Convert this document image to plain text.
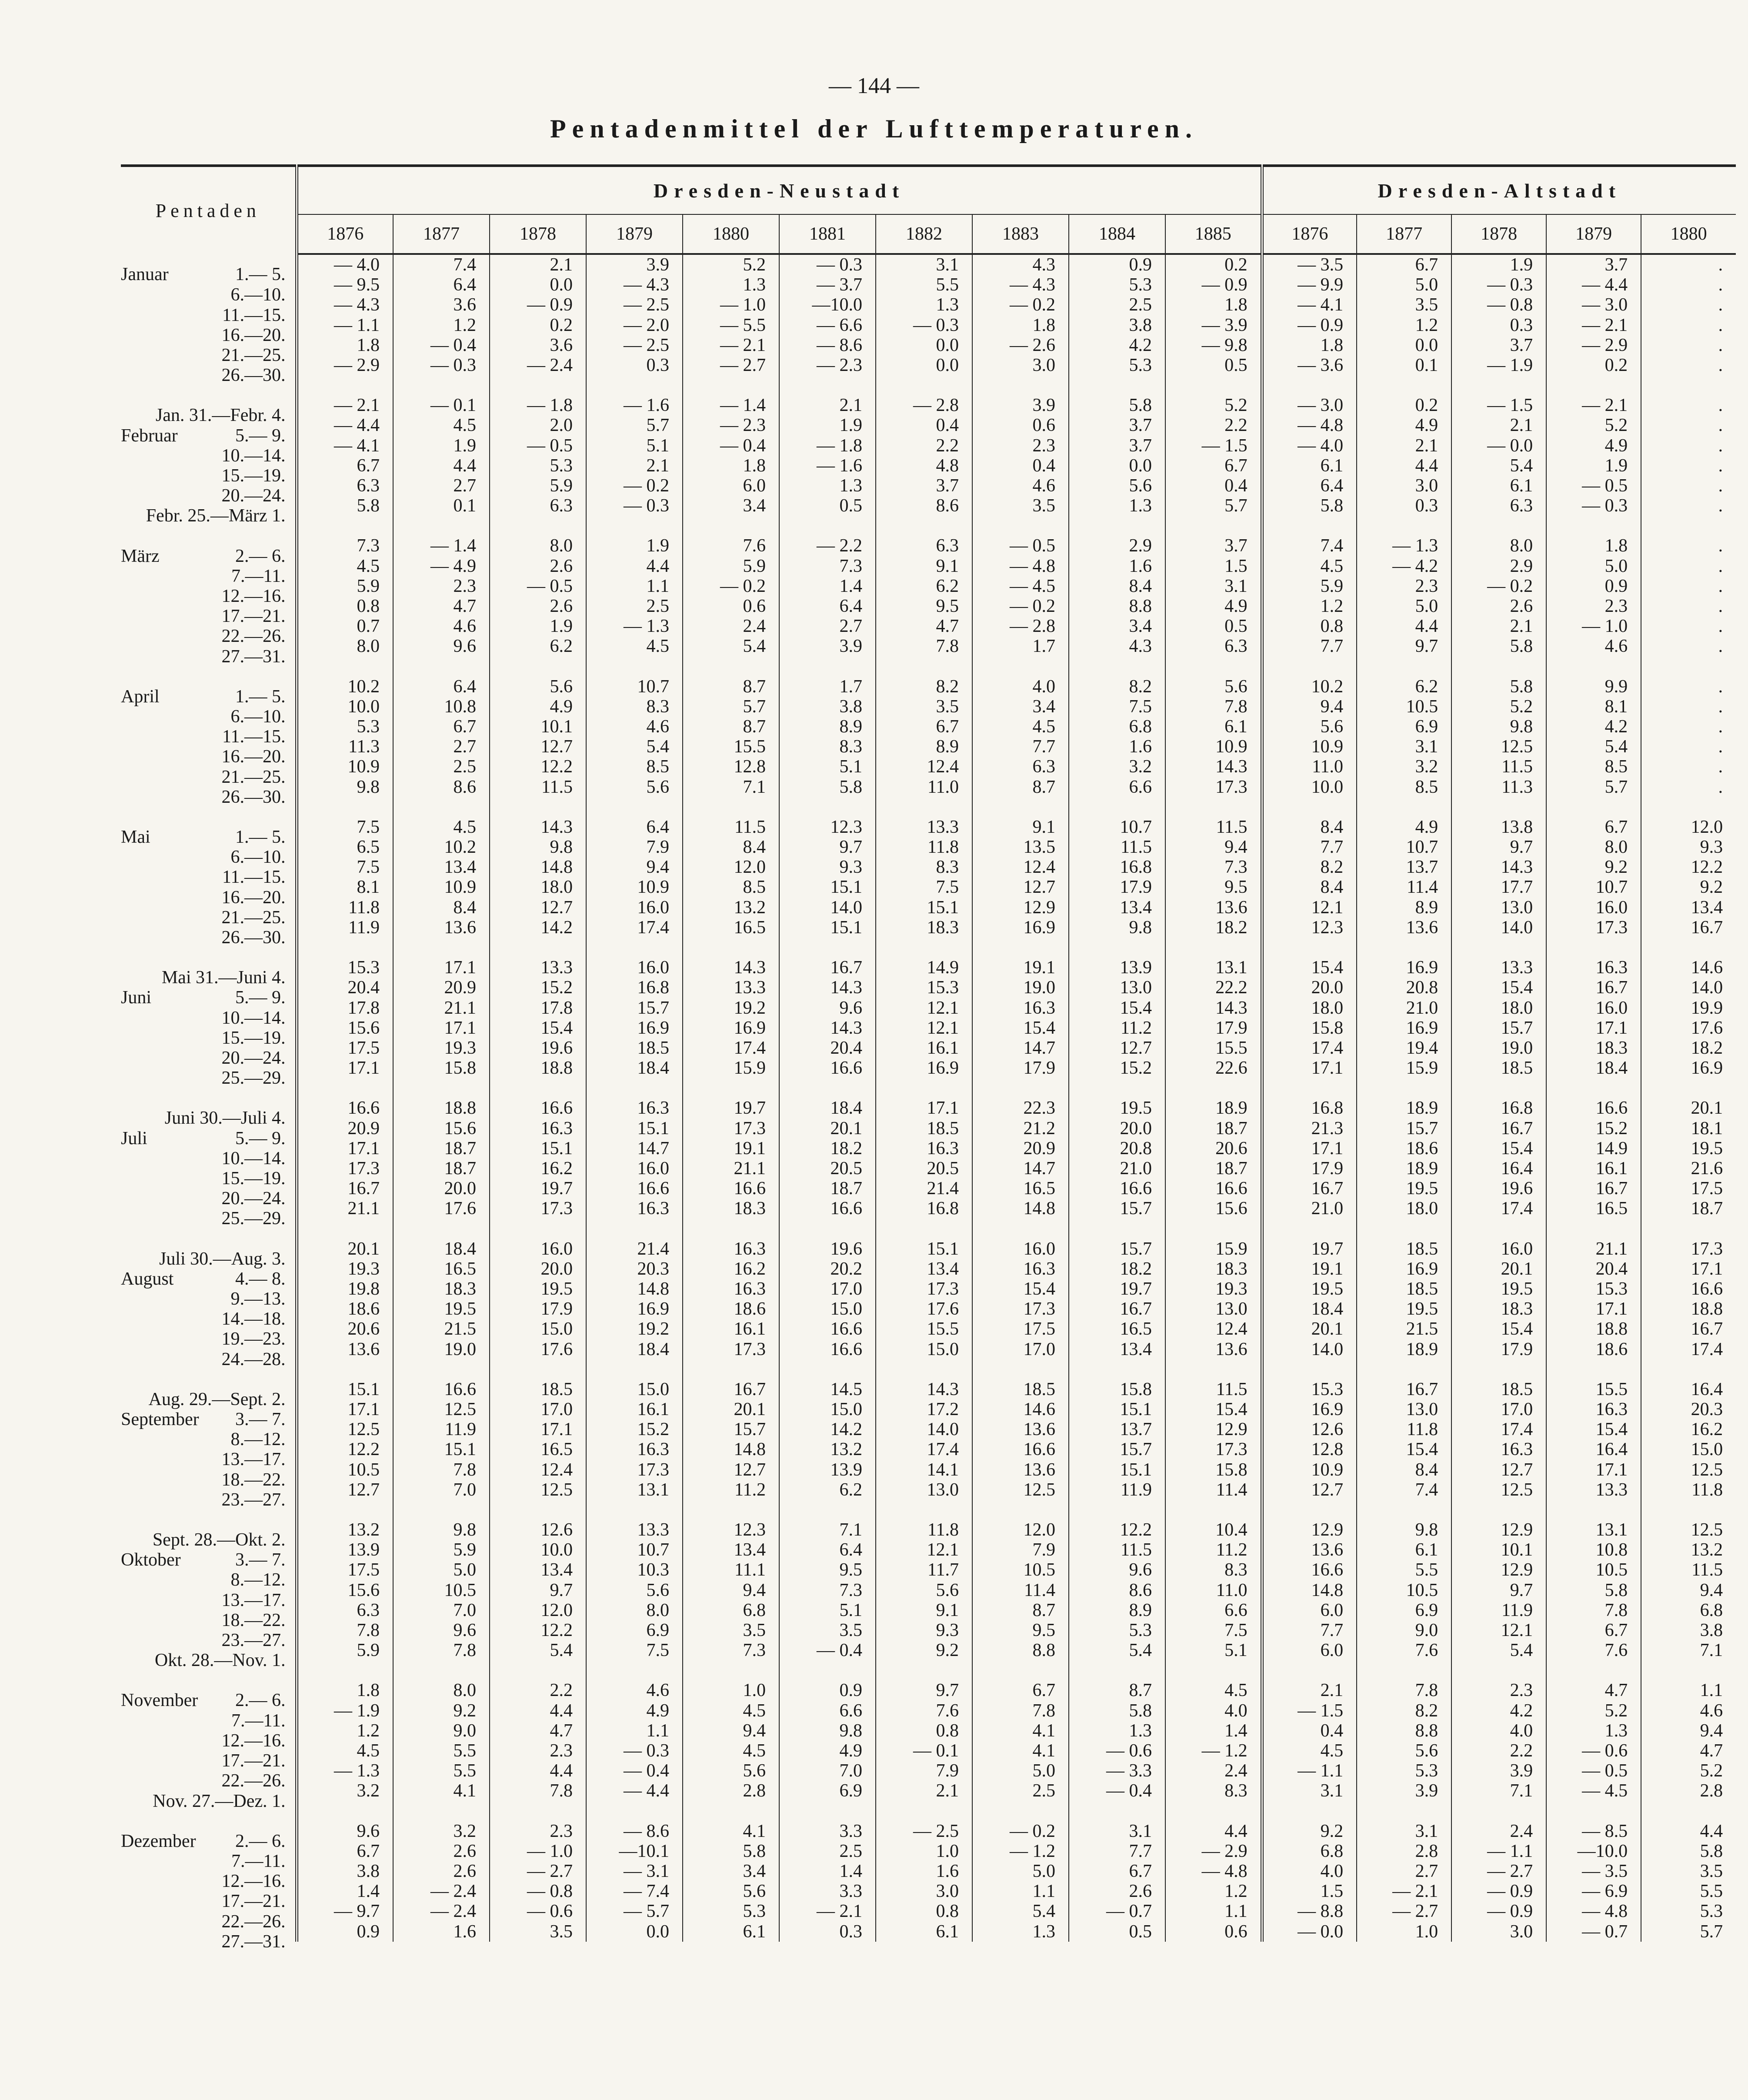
— 144 —
Pentadenmittel der Lufttemperaturen.
Pentaden	Dresden-Neustadt										Dresden-Altstadt				
	1876	1877	1878	1879	1880	1881	1882	1883	1884	1885	1876	1877	1878	1879	1880

Januar 1.— 5.	— 4.0	7.4	2.1	3.9	5.2	— 0.3	3.1	4.3	0.9	0.2	— 3.5	6.7	1.9	3.7	.

6.—10.	— 9.5	6.4	0.0	— 4.3	1.3	— 3.7	5.5	— 4.3	5.3	— 0.9	— 9.9	5.0	— 0.3	— 4.4	.

11.—15.	— 4.3	3.6	— 0.9	— 2.5	— 1.0	—10.0	1.3	— 0.2	2.5	1.8	— 4.1	3.5	— 0.8	— 3.0	.

16.—20.	— 1.1	1.2	0.2	— 2.0	— 5.5	— 6.6	— 0.3	1.8	3.8	— 3.9	— 0.9	1.2	0.3	— 2.1	.

21.—25.	1.8	— 0.4	3.6	— 2.5	— 2.1	— 8.6	0.0	— 2.6	4.2	— 9.8	1.8	0.0	3.7	— 2.9	.

26.—30.	— 2.9	— 0.3	— 2.4	0.3	— 2.7	— 2.3	0.0	3.0	5.3	0.5	— 3.6	0.1	— 1.9	0.2	.

Jan. 31.—Febr. 4.	— 2.1	— 0.1	— 1.8	— 1.6	— 1.4	2.1	— 2.8	3.9	5.8	5.2	— 3.0	0.2	— 1.5	— 2.1	.

Februar 5.— 9.	— 4.4	4.5	2.0	5.7	— 2.3	1.9	0.4	0.6	3.7	2.2	— 4.8	4.9	2.1	5.2	.

10.—14.	— 4.1	1.9	— 0.5	5.1	— 0.4	— 1.8	2.2	2.3	3.7	— 1.5	— 4.0	2.1	— 0.0	4.9	.

15.—19.	6.7	4.4	5.3	2.1	1.8	— 1.6	4.8	0.4	0.0	6.7	6.1	4.4	5.4	1.9	.

20.—24.	6.3	2.7	5.9	— 0.2	6.0	1.3	3.7	4.6	5.6	0.4	6.4	3.0	6.1	— 0.5	.

Febr. 25.—März 1.	5.8	0.1	6.3	— 0.3	3.4	0.5	8.6	3.5	1.3	5.7	5.8	0.3	6.3	— 0.3	.

März 2.— 6.	7.3	— 1.4	8.0	1.9	7.6	— 2.2	6.3	— 0.5	2.9	3.7	7.4	— 1.3	8.0	1.8	.

7.—11.	4.5	— 4.9	2.6	4.4	5.9	7.3	9.1	— 4.8	1.6	1.5	4.5	— 4.2	2.9	5.0	.

12.—16.	5.9	2.3	— 0.5	1.1	— 0.2	1.4	6.2	— 4.5	8.4	3.1	5.9	2.3	— 0.2	0.9	.

17.—21.	0.8	4.7	2.6	2.5	0.6	6.4	9.5	— 0.2	8.8	4.9	1.2	5.0	2.6	2.3	.

22.—26.	0.7	4.6	1.9	— 1.3	2.4	2.7	4.7	— 2.8	3.4	0.5	0.8	4.4	2.1	— 1.0	.

27.—31.	8.0	9.6	6.2	4.5	5.4	3.9	7.8	1.7	4.3	6.3	7.7	9.7	5.8	4.6	.

April 1.— 5.	10.2	6.4	5.6	10.7	8.7	1.7	8.2	4.0	8.2	5.6	10.2	6.2	5.8	9.9	.

6.—10.	10.0	10.8	4.9	8.3	5.7	3.8	3.5	3.4	7.5	7.8	9.4	10.5	5.2	8.1	.

11.—15.	5.3	6.7	10.1	4.6	8.7	8.9	6.7	4.5	6.8	6.1	5.6	6.9	9.8	4.2	.

16.—20.	11.3	2.7	12.7	5.4	15.5	8.3	8.9	7.7	1.6	10.9	10.9	3.1	12.5	5.4	.

21.—25.	10.9	2.5	12.2	8.5	12.8	5.1	12.4	6.3	3.2	14.3	11.0	3.2	11.5	8.5	.

26.—30.	9.8	8.6	11.5	5.6	7.1	5.8	11.0	8.7	6.6	17.3	10.0	8.5	11.3	5.7	.

Mai 1.— 5.	7.5	4.5	14.3	6.4	11.5	12.3	13.3	9.1	10.7	11.5	8.4	4.9	13.8	6.7	12.0

6.—10.	6.5	10.2	9.8	7.9	8.4	9.7	11.8	13.5	11.5	9.4	7.7	10.7	9.7	8.0	9.3

11.—15.	7.5	13.4	14.8	9.4	12.0	9.3	8.3	12.4	16.8	7.3	8.2	13.7	14.3	9.2	12.2

16.—20.	8.1	10.9	18.0	10.9	8.5	15.1	7.5	12.7	17.9	9.5	8.4	11.4	17.7	10.7	9.2

21.—25.	11.8	8.4	12.7	16.0	13.2	14.0	15.1	12.9	13.4	13.6	12.1	8.9	13.0	16.0	13.4

26.—30.	11.9	13.6	14.2	17.4	16.5	15.1	18.3	16.9	9.8	18.2	12.3	13.6	14.0	17.3	16.7

Mai 31.—Juni 4.	15.3	17.1	13.3	16.0	14.3	16.7	14.9	19.1	13.9	13.1	15.4	16.9	13.3	16.3	14.6

Juni 5.— 9.	20.4	20.9	15.2	16.8	13.3	14.3	15.3	19.0	13.0	22.2	20.0	20.8	15.4	16.7	14.0

10.—14.	17.8	21.1	17.8	15.7	19.2	9.6	12.1	16.3	15.4	14.3	18.0	21.0	18.0	16.0	19.9

15.—19.	15.6	17.1	15.4	16.9	16.9	14.3	12.1	15.4	11.2	17.9	15.8	16.9	15.7	17.1	17.6

20.—24.	17.5	19.3	19.6	18.5	17.4	20.4	16.1	14.7	12.7	15.5	17.4	19.4	19.0	18.3	18.2

25.—29.	17.1	15.8	18.8	18.4	15.9	16.6	16.9	17.9	15.2	22.6	17.1	15.9	18.5	18.4	16.9

Juni 30.—Juli 4.	16.6	18.8	16.6	16.3	19.7	18.4	17.1	22.3	19.5	18.9	16.8	18.9	16.8	16.6	20.1

Juli 5.— 9.	20.9	15.6	16.3	15.1	17.3	20.1	18.5	21.2	20.0	18.7	21.3	15.7	16.7	15.2	18.1

10.—14.	17.1	18.7	15.1	14.7	19.1	18.2	16.3	20.9	20.8	20.6	17.1	18.6	15.4	14.9	19.5

15.—19.	17.3	18.7	16.2	16.0	21.1	20.5	20.5	14.7	21.0	18.7	17.9	18.9	16.4	16.1	21.6

20.—24.	16.7	20.0	19.7	16.6	16.6	18.7	21.4	16.5	16.6	16.6	16.7	19.5	19.6	16.7	17.5

25.—29.	21.1	17.6	17.3	16.3	18.3	16.6	16.8	14.8	15.7	15.6	21.0	18.0	17.4	16.5	18.7

Juli 30.—Aug. 3.	20.1	18.4	16.0	21.4	16.3	19.6	15.1	16.0	15.7	15.9	19.7	18.5	16.0	21.1	17.3

August 4.— 8.	19.3	16.5	20.0	20.3	16.2	20.2	13.4	16.3	18.2	18.3	19.1	16.9	20.1	20.4	17.1

9.—13.	19.8	18.3	19.5	14.8	16.3	17.0	17.3	15.4	19.7	19.3	19.5	18.5	19.5	15.3	16.6

14.—18.	18.6	19.5	17.9	16.9	18.6	15.0	17.6	17.3	16.7	13.0	18.4	19.5	18.3	17.1	18.8

19.—23.	20.6	21.5	15.0	19.2	16.1	16.6	15.5	17.5	16.5	12.4	20.1	21.5	15.4	18.8	16.7

24.—28.	13.6	19.0	17.6	18.4	17.3	16.6	15.0	17.0	13.4	13.6	14.0	18.9	17.9	18.6	17.4

Aug. 29.—Sept. 2.	15.1	16.6	18.5	15.0	16.7	14.5	14.3	18.5	15.8	11.5	15.3	16.7	18.5	15.5	16.4

September 3.— 7.	17.1	12.5	17.0	16.1	20.1	15.0	17.2	14.6	15.1	15.4	16.9	13.0	17.0	16.3	20.3

8.—12.	12.5	11.9	17.1	15.2	15.7	14.2	14.0	13.6	13.7	12.9	12.6	11.8	17.4	15.4	16.2

13.—17.	12.2	15.1	16.5	16.3	14.8	13.2	17.4	16.6	15.7	17.3	12.8	15.4	16.3	16.4	15.0

18.—22.	10.5	7.8	12.4	17.3	12.7	13.9	14.1	13.6	15.1	15.8	10.9	8.4	12.7	17.1	12.5

23.—27.	12.7	7.0	12.5	13.1	11.2	6.2	13.0	12.5	11.9	11.4	12.7	7.4	12.5	13.3	11.8

Sept. 28.—Okt. 2.	13.2	9.8	12.6	13.3	12.3	7.1	11.8	12.0	12.2	10.4	12.9	9.8	12.9	13.1	12.5

Oktober 3.— 7.	13.9	5.9	10.0	10.7	13.4	6.4	12.1	7.9	11.5	11.2	13.6	6.1	10.1	10.8	13.2

8.—12.	17.5	5.0	13.4	10.3	11.1	9.5	11.7	10.5	9.6	8.3	16.6	5.5	12.9	10.5	11.5

13.—17.	15.6	10.5	9.7	5.6	9.4	7.3	5.6	11.4	8.6	11.0	14.8	10.5	9.7	5.8	9.4

18.—22.	6.3	7.0	12.0	8.0	6.8	5.1	9.1	8.7	8.9	6.6	6.0	6.9	11.9	7.8	6.8

23.—27.	7.8	9.6	12.2	6.9	3.5	3.5	9.3	9.5	5.3	7.5	7.7	9.0	12.1	6.7	3.8

Okt. 28.—Nov. 1.	5.9	7.8	5.4	7.5	7.3	— 0.4	9.2	8.8	5.4	5.1	6.0	7.6	5.4	7.6	7.1

November 2.— 6.	1.8	8.0	2.2	4.6	1.0	0.9	9.7	6.7	8.7	4.5	2.1	7.8	2.3	4.7	1.1

7.—11.	— 1.9	9.2	4.4	4.9	4.5	6.6	7.6	7.8	5.8	4.0	— 1.5	8.2	4.2	5.2	4.6

12.—16.	1.2	9.0	4.7	1.1	9.4	9.8	0.8	4.1	1.3	1.4	0.4	8.8	4.0	1.3	9.4

17.—21.	4.5	5.5	2.3	— 0.3	4.5	4.9	— 0.1	4.1	— 0.6	— 1.2	4.5	5.6	2.2	— 0.6	4.7

22.—26.	— 1.3	5.5	4.4	— 0.4	5.6	7.0	7.9	5.0	— 3.3	2.4	— 1.1	5.3	3.9	— 0.5	5.2

Nov. 27.—Dez. 1.	3.2	4.1	7.8	— 4.4	2.8	6.9	2.1	2.5	— 0.4	8.3	3.1	3.9	7.1	— 4.5	2.8

Dezember 2.— 6.	9.6	3.2	2.3	— 8.6	4.1	3.3	— 2.5	— 0.2	3.1	4.4	9.2	3.1	2.4	— 8.5	4.4

7.—11.	6.7	2.6	— 1.0	—10.1	5.8	2.5	1.0	— 1.2	7.7	— 2.9	6.8	2.8	— 1.1	—10.0	5.8

12.—16.	3.8	2.6	— 2.7	— 3.1	3.4	1.4	1.6	5.0	6.7	— 4.8	4.0	2.7	— 2.7	— 3.5	3.5

17.—21.	1.4	— 2.4	— 0.8	— 7.4	5.6	3.3	3.0	1.1	2.6	1.2	1.5	— 2.1	— 0.9	— 6.9	5.5

22.—26.	— 9.7	— 2.4	— 0.6	— 5.7	5.3	— 2.1	0.8	5.4	— 0.7	1.1	— 8.8	— 2.7	— 0.9	— 4.8	5.3

27.—31.	0.9	1.6	3.5	0.0	6.1	0.3	6.1	1.3	0.5	0.6	— 0.0	1.0	3.0	— 0.7	5.7
